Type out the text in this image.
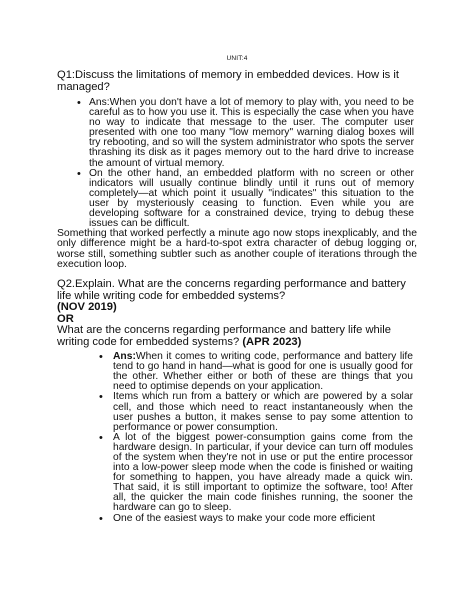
UNIT:4

Q1:Discuss the limitations of memory in embedded devices. How is it managed?

• Ans:When you don't have a lot of memory to play with, you need to be careful as to how you use it. This is especially the case when you have no way to indicate that message to the user. The computer user presented with one too many "low memory" warning dialog boxes will try rebooting, and so will the system administrator who spots the server thrashing its disk as it pages memory out to the hard drive to increase the amount of virtual memory.
• On the other hand, an embedded platform with no screen or other indicators will usually continue blindly until it runs out of memory completely—at which point it usually "indicates" this situation to the user by mysteriously ceasing to function. Even while you are developing software for a constrained device, trying to debug these issues can be difficult.

Something that worked perfectly a minute ago now stops inexplicably, and the only difference might be a hard-to-spot extra character of debug logging or, worse still, something subtler such as another couple of iterations through the execution loop.

Q2.Explain. What are the concerns regarding performance and battery life while writing code for embedded systems?
(NOV 2019)
OR

What are the concerns regarding performance and battery life while writing code for embedded systems? (APR 2023)

• Ans:When it comes to writing code, performance and battery life tend to go hand in hand—what is good for one is usually good for the other. Whether either or both of these are things that you need to optimise depends on your application.
• Items which run from a battery or which are powered by a solar cell, and those which need to react instantaneously when the user pushes a button, it makes sense to pay some attention to performance or power consumption.
• A lot of the biggest power-consumption gains come from the hardware design. In particular, if your device can turn off modules of the system when they're not in use or put the entire processor into a low-power sleep mode when the code is finished or waiting for something to happen, you have already made a quick win. That said, it is still important to optimize the software, too! After all, the quicker the main code finishes running, the sooner the hardware can go to sleep.
• One of the easiest ways to make your code more efficient
